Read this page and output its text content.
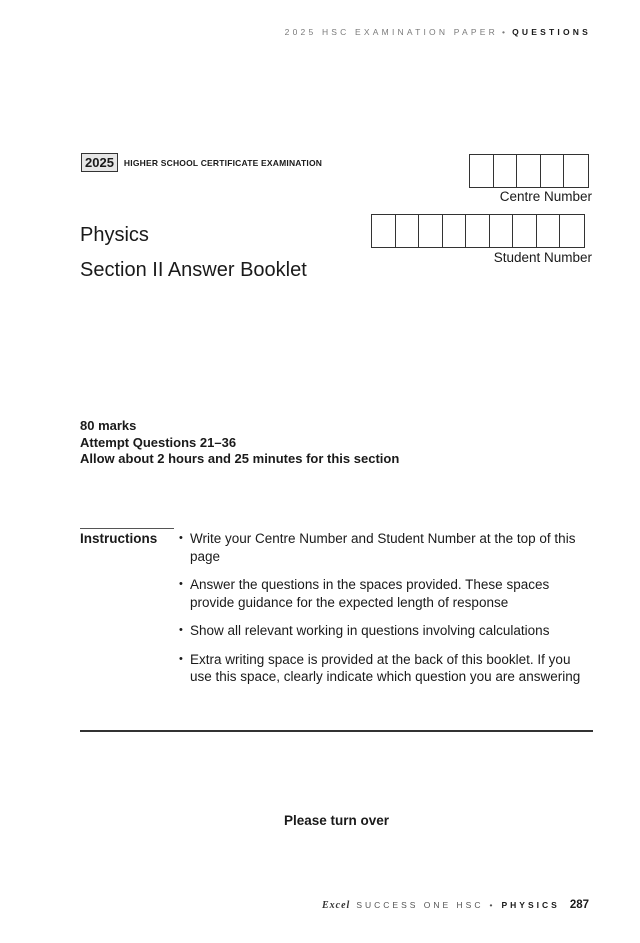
2025 HSC EXAMINATION PAPER • QUESTIONS
2025	HIGHER SCHOOL CERTIFICATE EXAMINATION
Centre Number
Student Number
Physics
Section II Answer Booklet
80 marks
Attempt Questions 21–36
Allow about 2 hours and 25 minutes for this section
Instructions • Write your Centre Number and Student Number at the top of this page
• Answer the questions in the spaces provided. These spaces provide guidance for the expected length of response
• Show all relevant working in questions involving calculations
• Extra writing space is provided at the back of this booklet. If you use this space, clearly indicate which question you are answering
Please turn over
Excel SUCCESS ONE HSC • PHYSICS 287
